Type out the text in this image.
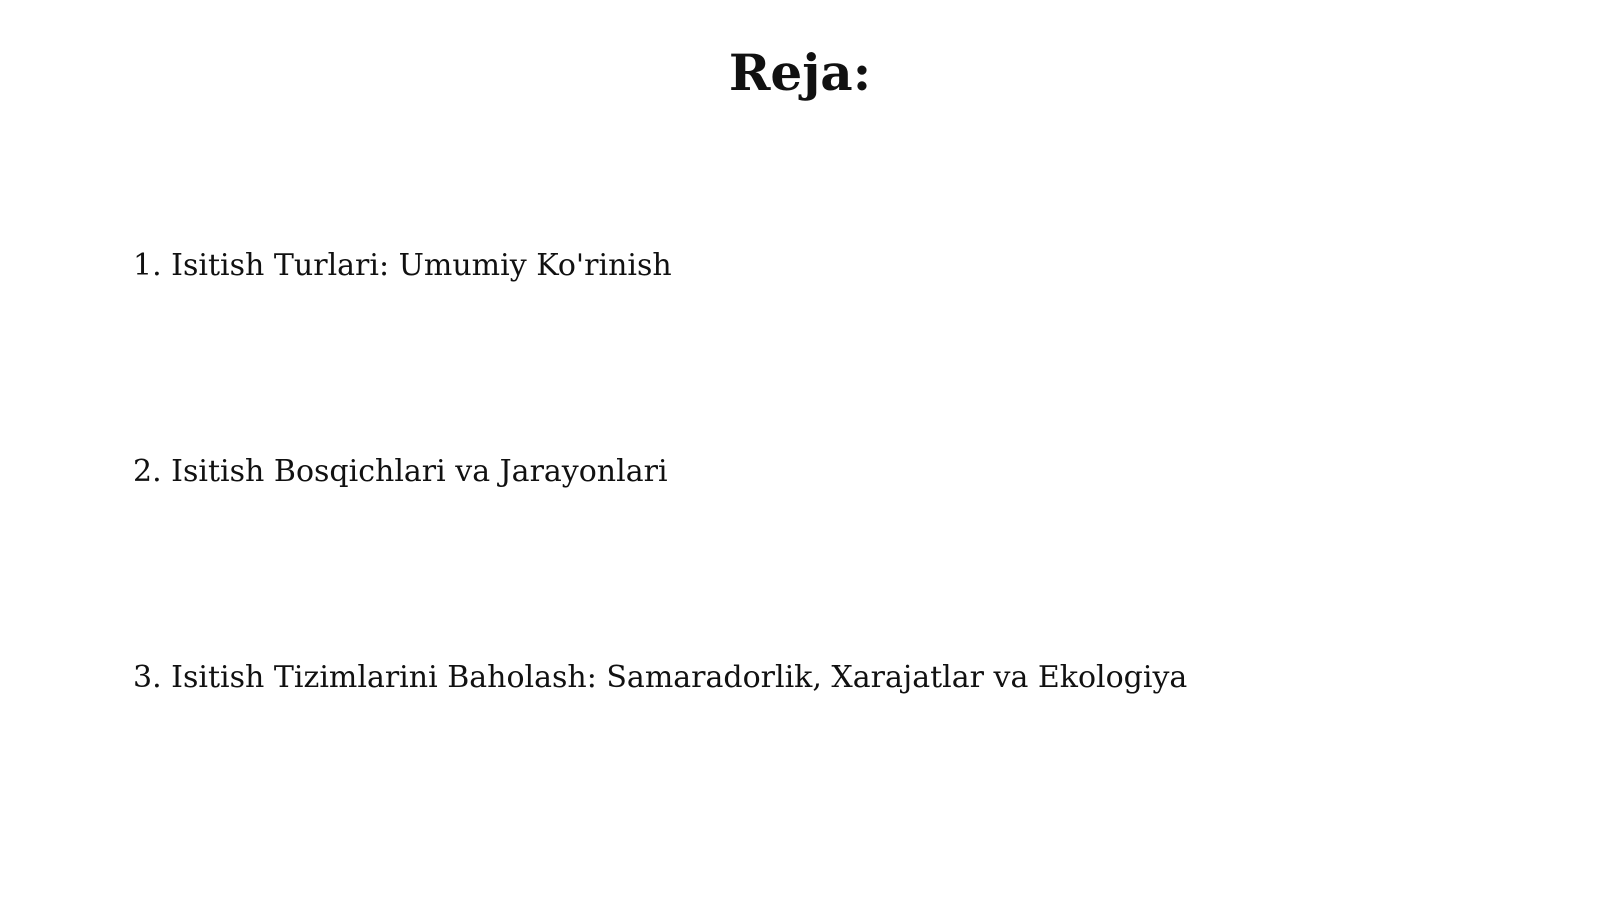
Reja:
1. Isitish Turlari: Umumiy Ko'rinish
2. Isitish Bosqichlari va Jarayonlari
3. Isitish Tizimlarini Baholash: Samaradorlik, Xarajatlar va Ekologiya
